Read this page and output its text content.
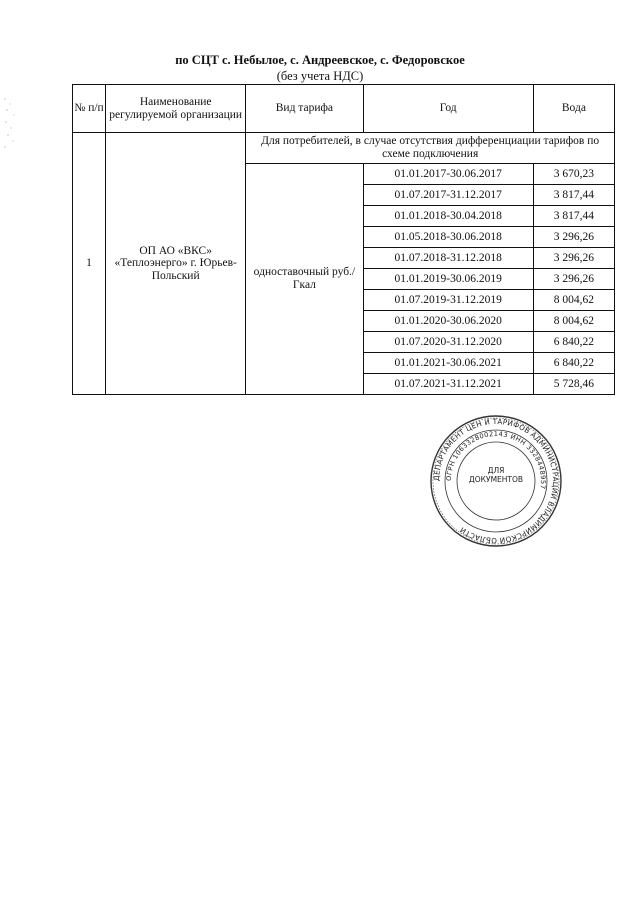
по СЦТ с. Небылое, с. Андреевское, с. Федоровское
(без учета НДС)
№ п/п	Наименование регулируемой организации	Вид тарифа	Год	Вода
1	ОП АО «ВКС» «Теплоэнерго» г. Юрьев-Польский	Для потребителей, в случае отсутствия дифференциации тарифов по схеме подключения		
		одноставочный руб./Гкал	01.01.2017-30.06.2017	3 670,23
			01.07.2017-31.12.2017	3 817,44
			01.01.2018-30.04.2018	3 817,44
			01.05.2018-30.06.2018	3 296,26
			01.07.2018-31.12.2018	3 296,26
			01.01.2019-30.06.2019	3 296,26
			01.07.2019-31.12.2019	8 004,62
			01.01.2020-30.06.2020	8 004,62
			01.07.2020-31.12.2020	6 840,22
			01.01.2021-30.06.2021	6 840,22
			01.07.2021-31.12.2021	5 728,46
ДЕПАРТАМЕНТ ЦЕН И ТАРИФОВ АДМИНИСТРАЦИИ ВЛАДИМИРСКОЙ ОБЛАСТИ
ОГРН 1063328002143 ИНН 3328448957
ДЛЯ ДОКУМЕНТОВ
